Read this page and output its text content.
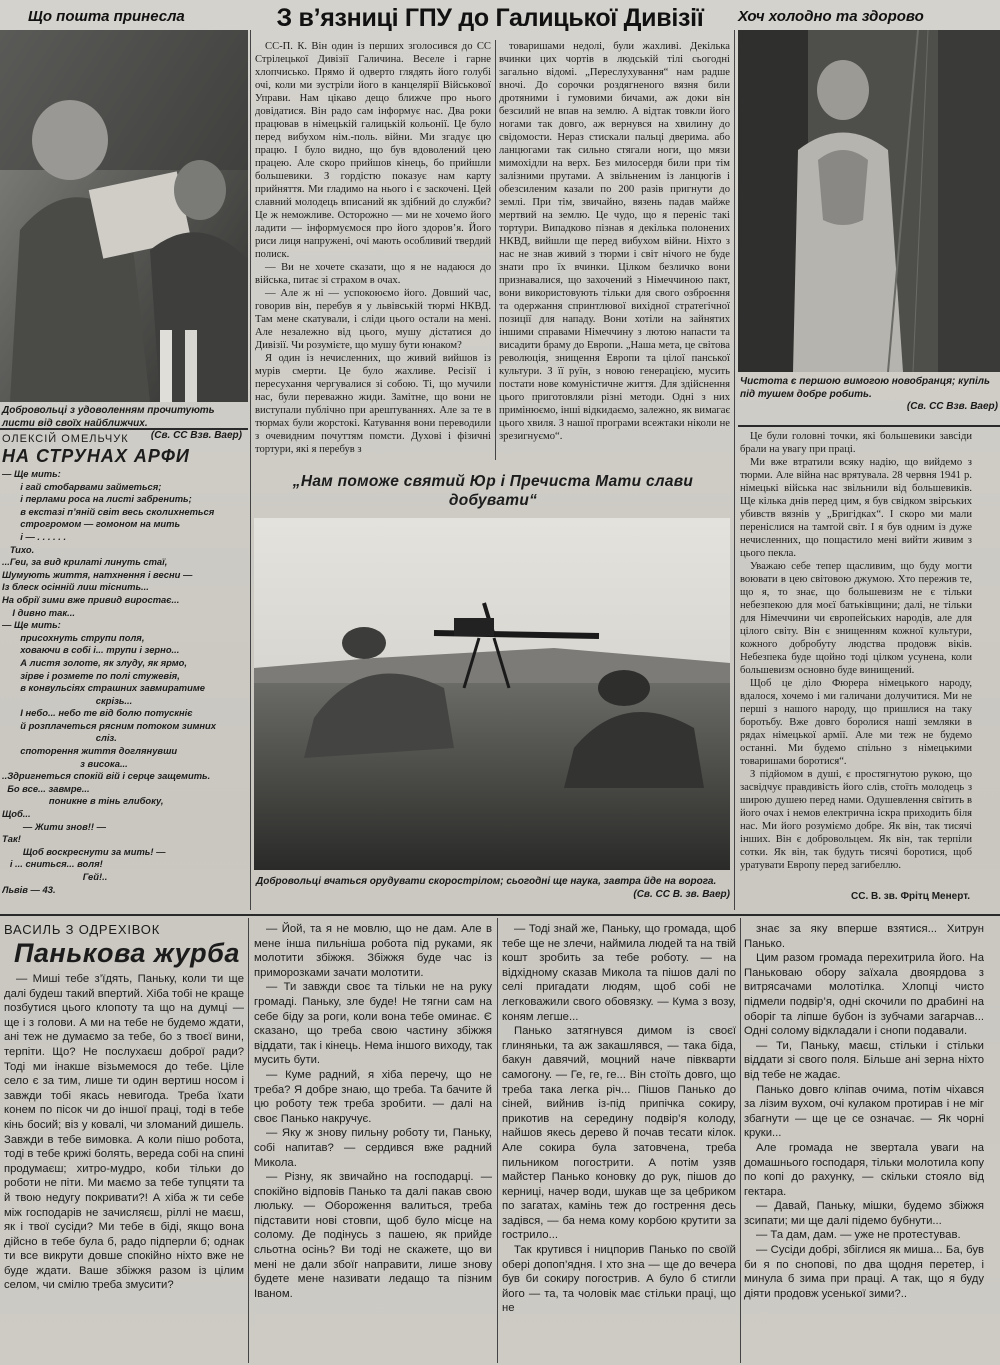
Що пошта принесла	З в’язниці ГПУ до Галицької Дивізії	Хоч холодно та здорово
Добровольці з удоволенням прочитують листи від своїх найближчих.
(Св. СС Взв. Ваер)
Чистота є першою вимогою новобранця; купіль під тушем добре робить.
(Св. СС Взв. Ваер)

СС-П. К. Він один із перших зголосився до СС Стрілецької Дивізії Галичина. Веселе і гарне хлопчисько. Прямо й одверто глядять його голубі очі, коли ми зустріли його в канцелярії Військової Управи. Нам цікаво дещо ближче про нього довідатися. Він радо сам інформує нас. Два роки працював в німецькій галицькій кольонії. Це було перед вибухом нім.-поль. війни. Ми згадує цю працю. І було видно, що був вдоволений цею працею. Але скоро прийшов кінець, бо прийшли большевики. З гордістю показує нам карту прийняття. Ми гладимо на нього і є заскочені. Цей славний молодець вписаний як здібний до служби? Це ж неможливе. Осторожно — ми не хочемо його ладити — інформуємося про його здоров’я. Його риси лиця напружені, очі мають особливий твердий полиск.

— Ви не хочете сказати, що я не надаюся до війська, питає зі страхом в очах.

— Але ж ні — успокоюємо його. Довший час, говорив він, перебув я у львівській тюрмі НКВД. Там мене скатували, і сліди цього остали на мені. Але незалежно від цього, мушу дістатися до Дивізії. Чи розумієте, що мушу бути юнаком?

Я один із нечисленних, що живий вийшов із мурів смерти. Це було жахливе. Ресізії і пересухання чергувалися зі собою. Ті, що мучили нас, були переважно жиди. Замітне, що вони не виступали публічно при арештуваннях. Але за те в тюрмах були жорстокі. Катування вони переводили з очевидним почуттям помсти. Духові і фізичні тортури, які я перебув з

товаришами недолі, були жахливі. Декілька вчинки цих чортів в людській тілі сьогодні загально відомі. „Переслухування“ нам радше вночі. До сорочки роздягненого вязня били дротяними і гумовими бичами, аж доки він безсилий не впав на землю. А відтак товкли його ногами так довго, аж вернувся на хвилину до свідомости. Нераз стискали пальці дверима. або ланцюгами так сильно стягали ноги, що мязи мимохідли на верх. Без милосердя били при тім залізними прутами. А звільненим із ланцюгів і обезсиленим казали по 200 разів пригнути до землі. При тім, звичайно, вязень падав майже мертвий на землю. Це чудо, що я переніс такі тортури. Випадково пізнав я декілька полонених НКВД, вийшли ще перед вибухом війни. Ніхто з нас не знав живий з тюрми і світ нічого не буде знати про їх вчинки. Цілком безличко вони признавалися, що захочений з Німеччиною пакт, вони використовують тільки для свого озброєння та одержання спринтлювої вихідної стратегічної позиції для нападу. Вони хотіли на зайнятих іншими справами Німеччину з лютою напасти та висадити браму до Европи. „Наша мета, це світова революція, знищення Европи та цілої панської культури. З її руїн, з новою генерацією, мусить постати нове комуністичне життя. Для здійснення цього приготовляли різні методи. Одні з них примінюємо, інші відкидаємо, залежно, як вимагає цього хвиля. З нашої програми всежтаки ніколи не зрезигнуємо“.	Це були головні точки, які большевики завсіди брали на увагу при праці.

Ми вже втратили всяку надію, що вийдемо з тюрми. Але війна нас врятувала. 28 червня 1941 р. німецькі війська нас звільнили від большевиків. Ще кілька днів перед цим, я був свідком звірських убивств вязнів у „Бригідках“. І скоро ми мали переніслися на тамтой світ. І я був одним із дуже нечисленних, що пощастило мені вийти живим з цього пекла.

Уважаю себе тепер щасливим, що буду могти воювати в цею світовою джумою. Хто пережив те, що я, то знає, що большевизм не є тільки небезпекою для моєї батьківщини; далі, не тільки для Німеччини чи європейських народів, але для цілого світу. Він є знищенням кожної культури, кожного добробуту людства продовж віків. Небезпека буде щойно тоді цілком усунена, коли большевизм основно буде винищений.

Щоб це діло Фюрера німецького народу, вдалося, хочемо і ми галичани долучитися. Ми не перші з нашого народу, що пришлися на таку боротьбу. Вже довго боролися наші земляки в рядах німецької армії. Але ми теж не будемо останні. Ми будемо спільно з німецькими товаришами боротися“.

З підйомом в душі, є простягнутою рукою, що засвідчує правдивість його слів, стоїть молодець з широю душею перед нами. Одушевлення світить в його очах і немов електрична іскра приходить біля нас. Ми його розуміємо добре. Як він, так тисячі інших. Він є добровольцем. Як він, так терпіли сотки. Як він, так будуть тисячі боротися, щоб уратувати Европу перед загибеллю.

СС. В. зв. Фрітц Менерт.
ОЛЕКСІЙ ОМЕЛЬЧУК
НА СТРУНАХ АРФИ
— Ще мить:
і гай стобарвами займеться;
і перлами роса на листі забренить;
в екстазі п’яній світ весь сколихнеться
строгромом — гомоном на мить
і — . . . . . .
Тихо.
...Геи, за вид крилаті линуть стаї,
Шумують життя, натхнення і весни —
Із блеск осінній лиш тіснить...
На обрії зими вже привид виростає...
І дивно так...
— Ще мить:
присохнуть струпи поля,
ховаючи в собі і... трупи і зерно...
А листя золоте, як злуду, як ярмо,
зірве і розмете по полі стужевія,
в конвульсіях страшних завмиратиме
скрізь...
І небо... небо те від болю потускніє
й розплачеться рясним потоком зимних
сліз.
споторення життя доглянувши
з висока...
..Здригнеться спокій вій і серце защемить.
Бо все... завмре...
поникне в тінь глибоку,
Щоб...
— Жити знов!! —
Так!
Щоб воскреснути за мить! —
і ... сниться... воля!
Гей!..
Львів — 43.
„Нам поможе святий Юр і Пречиста Мати слави добувати“
Добровольці вчаться орудувати скорострілом; сьогодні ще наука, завтра йде на ворога.
(Св. СС В. зв. Ваер)
ВАСИЛЬ З ОДРЕХІВОК
Панькова журба

— Миші тебе з’їдять, Паньку, коли ти ще далі будеш такий впертий. Хіба тобі не краще позбутися цього клопоту та що на думці — ще і з голови. А ми на тебе не будемо ждати, ані теж не думаємо за тебе, бо з твоєї вини, терпіти. Що? Не послухаєш доброї ради? Тоді ми інакше візьмемося до тебе. Ціле село є за тим, лише ти один вертиш носом і завжди тобі якась невигода. Треба їхати конем по пісок чи до іншої праці, тоді в тебе кінь босий; віз у ковалі, чи зломаний дишель. Завжди в тебе вимовка. А коли пішо робота, тоді в тебе крижі болять, вереда собі на спині продумаєш; хитро-мудро, коби тільки до роботи не піти. Ми маємо за тебе тупцяти та й твою недугу покривати?! А хіба ж ти себе між господарів не зачисляєш, ріллі не маєш, як і твої сусіди? Ми тебе в біді, якщо вона дійсно в тебе була б, радо підперли б; однак ти все викрути довше спокійно ніхто вже не буде ждати. Ваше збіжжя разом із цілим селом, чи смілю треба змусити?

— Йой, та я не мовлю, що не дам. Але в мене інша пильніша робота під руками, як молотити збіжжя. Збіжжя буде час із приморозками зачати молотити.

— Ти завжди своє та тільки не на руку громаді. Паньку, зле буде! Не тягни сам на себе біду за роги, коли вона тебе оминає. Є сказано, що треба свою частину збіжжя віддати, так і кінець. Нема іншого виходу, так мусить бути.

— Куме радний, я хіба перечу, що не треба? Я добре знаю, що треба. Та бачите й цю роботу теж треба зробити. — далі на своє Панько накручує.

— Яку ж знову пильну роботу ти, Паньку, собі напитав? — сердився вже радний Микола.

— Різну, як звичайно на господарці. — спокійно відповів Панько та далі пакав свою люльку. — Обороження валиться, треба підставити нові стовпи, щоб було місце на солому. Де подінусь з пашею, як прийде сльотна осінь? Ви тоді не скажете, що ви мені не дали збоїг направити, лише знову будете мене називати ледащо та пізним Іваном.

— Тоді знай же, Паньку, що громада, щоб тебе ще не злечи, наймила людей та на твій кошт зробить за тебе роботу. — на відхідному сказав Микола та пішов далі по селі пригадати людям, щоб собі не легковажили свого обовязку. — Кума з возу, коням легше...

Панько затягнувся димом із своєї глиняньки, та аж закашлявся, — така біда, бакун давячий, моцний наче півкварти самогону. — Ге, ге, ге... Він стоїть довго, що треба така легка річ... Пішов Панько до сіней, вийнив із-під припічка сокиру, прикотив на середину подвір’я колоду, найшов якесь дерево й почав тесати кілок. Але сокира була затовчена, треба пильником погострити. А потім узяв майстер Панько коновку до рук, пішов до керниці, начер води, шукав ще за цебриком по загатах, камінь теж до гострення десь задівся, — ба нема кому корбою крутити за гострило...

Так крутився і ницпорив Панько по своїй обері допоп’ядня. І хто зна — ще до вечера був би сокиру погострив. А було б стигли його — та, та чоловік має стільки праці, що не

знає за яку вперше взятися... Хитрун Панько.

Цим разом громада перехитрила його. На Паньковаю обору заїхала двоярдова з витрясачами молотілка. Хлопці чисто підмели подвір’я, одні скочили по драбині на оборіг та ліпше бубон із зубчами загарчав... Одні солому відкладали і снопи подавали.

— Ти, Паньку, маєш, стільки і стільки віддати зі свого поля. Більше ані зерна ніхто від тебе не жадає.

Панько довго кліпав очима, потім чіхався за лізим вухом, очі кулаком протирав і не міг збагнути — ще це се означає. — Як чорні круки...

Але громада не звертала уваги на домашнього господаря, тільки молотила копу по копі до рахунку, — скільки стояло від гектара.

— Давай, Паньку, мішки, будемо збіжжя зсипати; ми ще далі підемо бубнути...

— Та дам, дам. — уже не протестував.

— Сусіди добрі, збіглися як миша... Ба, був би я по снопові, по два щодня перетер, і минула б зима при праці. А так, що я буду діяти продовж усенької зими?..
